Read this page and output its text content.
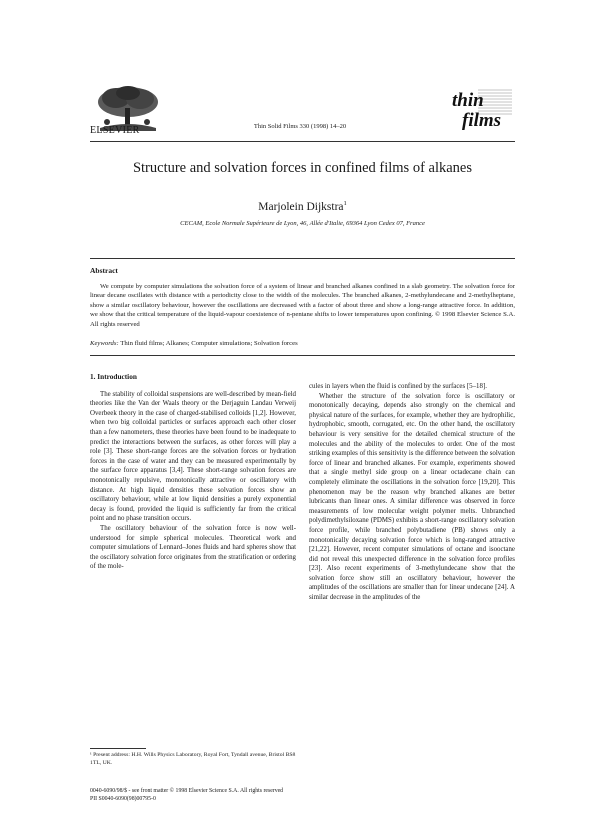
ELSEVIER	Thin Solid Films 330 (1998) 14–20
thin
films
Structure and solvation forces in confined films of alkanes
Marjolein Dijkstra$^1$
CECAM, Ecole Normale Supérieure de Lyon, 46, Allée d'Italie, 69364 Lyon Cedex 07, France
Abstract
We compute by computer simulations the solvation force of a system of linear and branched alkanes confined in a slab geometry. The solvation force for linear decane oscillates with distance with a periodicity close to the width of the molecules. The branched alkanes, 2-methylundecane and 2-methylheptane, show a similar oscillatory behaviour, however the oscillations are decreased with a factor of about three and show a long-range attractive force. In addition, we show that the critical temperature of the liquid-vapour coexistence of n-pentane shifts to lower temperatures upon confining. © 1998 Elsevier Science S.A. All rights reserved
Keywords: Thin fluid films; Alkanes; Computer simulations; Solvation forces

1. Introduction

The stability of colloidal suspensions are well-described by mean-field theories like the Van der Waals theory or the Derjaguin Landau Verweij Overbeek theory in the case of charged-stabilised colloids [1,2]. However, when two big colloidal particles or surfaces approach each other closer than a few nanometers, these theories have been found to be inadequate to predict the interactions between the surfaces, as other forces will play a role [3]. These short-range forces are the solvation forces or hydration forces in the case of water and they can be measured experimentally by the surface force apparatus [3,4]. These short-range solvation forces are monotonically repulsive, monotonically attractive or oscillatory with distance. At high liquid densities these solvation forces show an oscillatory behaviour, while at low liquid densities a purely exponential decay is found, provided the liquid is sufficiently far from the critical point and no phase transition occurs.

The oscillatory behaviour of the solvation force is now well-understood for simple spherical molecules. Theoretical work and computer simulations of Lennard–Jones fluids and hard spheres show that the oscillatory solvation force originates from the stratification or ordering of the mole-

cules in layers when the fluid is confined by the surfaces [5–18].

Whether the structure of the solvation force is oscillatory or monotonically decaying, depends also strongly on the chemical and physical nature of the surfaces, for example, whether they are hydrophilic, hydrophobic, smooth, corrugated, etc. On the other hand, the oscillatory behaviour is very sensitive for the detailed chemical structure of the molecules and the ability of the molecules to order. One of the most striking examples of this sensitivity is the difference between the solvation force of linear and branched alkanes. For example, experiments showed that a single methyl side group on a linear octadecane chain can completely eliminate the oscillations in the solvation force [19,20]. This phenomenon may be the reason why branched alkanes are better lubricants than linear ones. A similar difference was observed in force measurements of low molecular weight polymer melts. Unbranched polydimethylsiloxane (PDMS) exhibits a short-range oscillatory solvation force profile, while branched polybutadiene (PB) shows only a monotonically decaying solvation force which is long-ranged attractive [21,22]. However, recent computer simulations of octane and isooctane did not reveal this unexpected difference in the solvation force profiles [23]. Also recent experiments of 3-methylundecane show that the solvation force show still an oscillatory behaviour, however the amplitudes of the oscillations are smaller than for linear undecane [24]. A similar decrease in the amplitudes of the

¹ Present address: H.H. Wills Physics Laboratory, Royal Fort, Tyndall avenue, Bristol BS8 1TL, UK.
0040-6090/98/$ - see front matter © 1998 Elsevier Science S.A. All rights reserved
PII S0040-6090(98)00795-0
